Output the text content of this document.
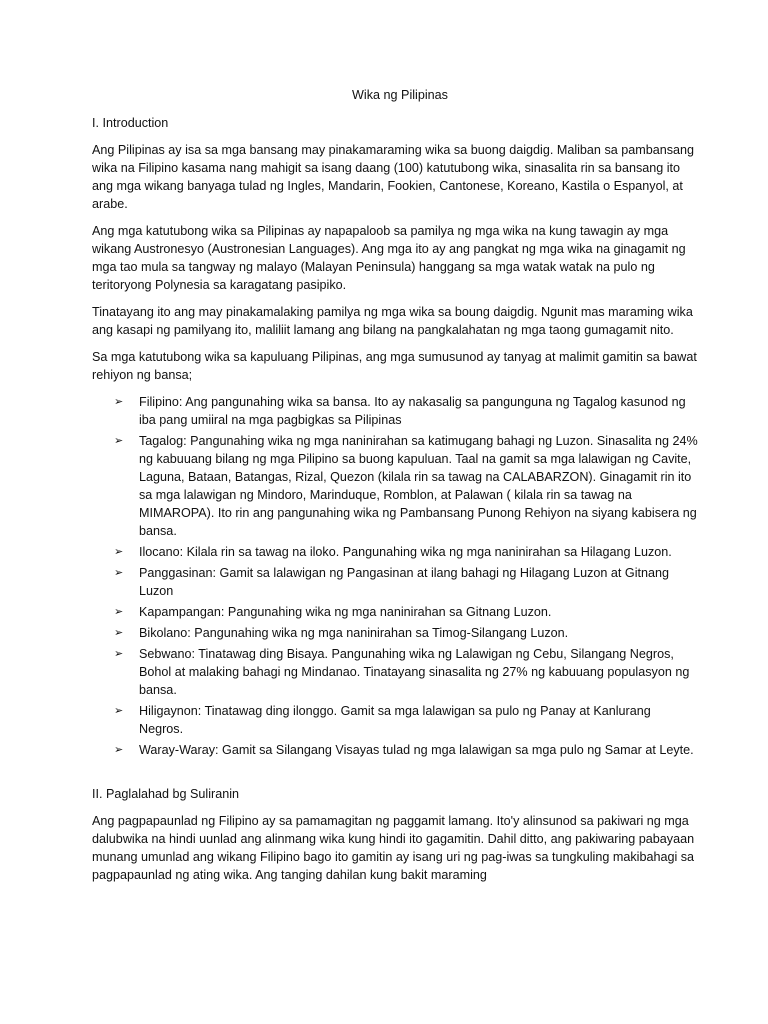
Wika ng Pilipinas
I. Introduction

Ang Pilipinas ay isa sa mga bansang may pinakamaraming wika sa buong daigdig. Maliban sa pambansang wika na Filipino kasama nang mahigit sa isang daang (100) katutubong wika, sinasalita rin sa bansang ito ang mga wikang banyaga tulad ng Ingles, Mandarin, Fookien, Cantonese, Koreano, Kastila o Espanyol, at arabe.

Ang mga katutubong wika sa Pilipinas ay napapaloob sa pamilya ng mga wika na kung tawagin ay mga wikang Austronesyo (Austronesian Languages). Ang mga ito ay ang pangkat ng mga wika na ginagamit ng mga tao mula sa tangway ng malayo (Malayan Peninsula) hanggang sa mga watak watak na pulo ng teritoryong Polynesia sa karagatang pasipiko.

Tinatayang ito ang may pinakamalaking pamilya ng mga wika sa boung daigdig. Ngunit mas maraming wika ang kasapi ng pamilyang ito, maliliit lamang ang bilang na pangkalahatan ng mga taong gumagamit nito.

Sa mga katutubong wika sa kapuluang Pilipinas, ang mga sumusunod ay tanyag at malimit gamitin sa bawat rehiyon ng bansa;

➢ Filipino: Ang pangunahing wika sa bansa. Ito ay nakasalig sa pangunguna ng Tagalog kasunod ng iba pang umiiral na mga pagbigkas sa Pilipinas
➢ Tagalog: Pangunahing wika ng mga naninirahan sa katimugang bahagi ng Luzon. Sinasalita ng 24% ng kabuuang bilang ng mga Pilipino sa buong kapuluan. Taal na gamit sa mga lalawigan ng Cavite, Laguna, Bataan, Batangas, Rizal, Quezon (kilala rin sa tawag na CALABARZON). Ginagamit rin ito sa mga lalawigan ng Mindoro, Marinduque, Romblon, at Palawan ( kilala rin sa tawag na MIMAROPA). Ito rin ang pangunahing wika ng Pambansang Punong Rehiyon na siyang kabisera ng bansa.
➢ Ilocano: Kilala rin sa tawag na iloko. Pangunahing wika ng mga naninirahan sa Hilagang Luzon.
➢ Panggasinan: Gamit sa lalawigan ng Pangasinan at ilang bahagi ng Hilagang Luzon at Gitnang Luzon
➢ Kapampangan: Pangunahing wika ng mga naninirahan sa Gitnang Luzon.
➢ Bikolano: Pangunahing wika ng mga naninirahan sa Timog-Silangang Luzon.
➢ Sebwano: Tinatawag ding Bisaya. Pangunahing wika ng Lalawigan ng Cebu, Silangang Negros, Bohol at malaking bahagi ng Mindanao. Tinatayang sinasalita ng 27% ng kabuuang populasyon ng bansa.
➢ Hiligaynon: Tinatawag ding ilonggo. Gamit sa mga lalawigan sa pulo ng Panay at Kanlurang Negros.
➢ Waray-Waray: Gamit sa Silangang Visayas tulad ng mga lalawigan sa mga pulo ng Samar at Leyte.
II. Paglalahad bg Suliranin

Ang pagpapaunlad ng Filipino ay sa pamamagitan ng paggamit lamang. Ito'y alinsunod sa pakiwari ng mga dalubwika na hindi uunlad ang alinmang wika kung hindi ito gagamitin. Dahil ditto, ang pakiwaring pabayaan munang umunlad ang wikang Filipino bago ito gamitin ay isang uri ng pag-iwas sa tungkuling makibahagi sa pagpapaunlad ng ating wika. Ang tanging dahilan kung bakit maraming
